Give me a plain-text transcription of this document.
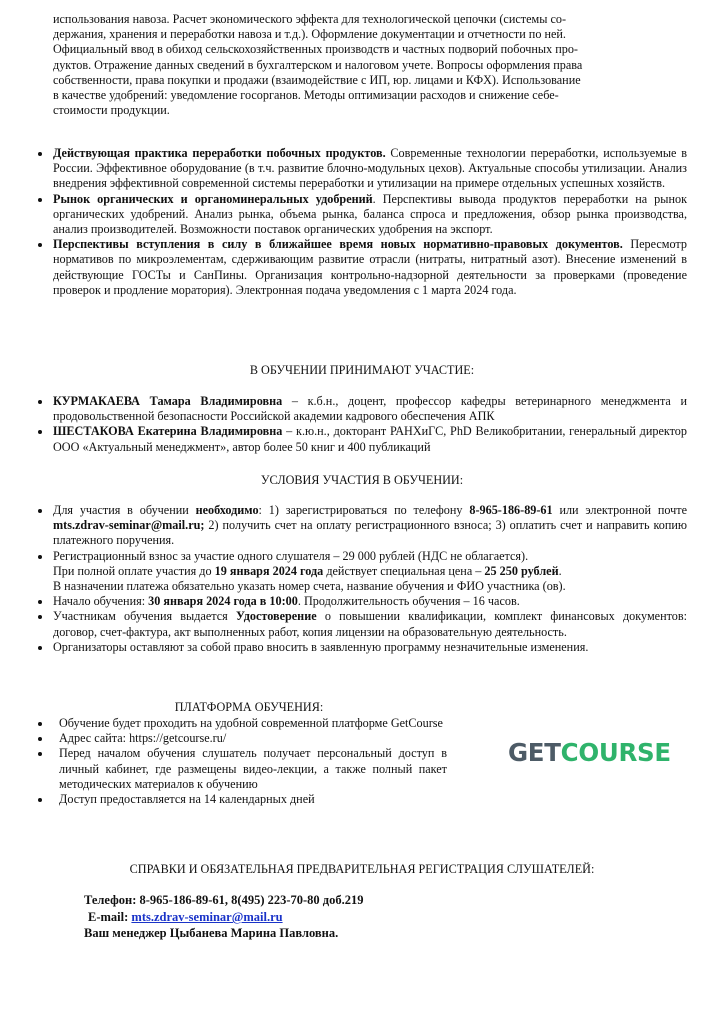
использования навоза. Расчет экономического эффекта для технологической цепочки (системы со-

держания, хранения и переработки навоза и т.д.). Оформление документации и отчетности по ней.

Официальный ввод в обиход сельскохозяйственных производств и частных подворий побочных про-

дуктов. Отражение данных сведений в бухгалтерском и налоговом учете. Вопросы оформления права

собственности, права покупки и продажи (взаимодействие с ИП, юр. лицами и КФХ). Использование

в качестве удобрений: уведомление госорганов. Методы оптимизации расходов и снижение себе-

стоимости продукции.

Действующая практика переработки побочных продуктов. Современные технологии переработки, используемые в России. Эффективное оборудование (в т.ч. развитие блочно-модульных цехов). Актуальные способы утилизации. Анализ внедрения эффективной современной системы переработки и утилизации на примере отдельных успешных хозяйств.
Рынок органических и органоминеральных удобрений. Перспективы вывода продуктов переработки на рынок органических удобрений. Анализ рынка, объема рынка, баланса спроса и предложения, обзор рынка производства, анализ производителей. Возможности поставок органических удобрения на экспорт.
Перспективы вступления в силу в ближайшее время новых нормативно-правовых документов. Пересмотр нормативов по микроэлементам, сдерживающим развитие отрасли (нитраты, нитратный азот). Внесение изменений в действующие ГОСТы и СанПины. Организация контрольно-надзорной деятельности за проверками (проведение проверок и продление моратория). Электронная подача уведомления с 1 марта 2024 года.
В ОБУЧЕНИИ ПРИНИМАЮТ УЧАСТИЕ:
КУРМАКАЕВА Тамара Владимировна – к.б.н., доцент, профессор кафедры ветеринарного менеджмента и продовольственной безопасности Российской академии кадрового обеспечения АПК
ШЕСТАКОВА Екатерина Владимировна – к.ю.н., докторант РАНХиГС, PhD Великобритании, генеральный директор ООО «Актуальный менеджмент», автор более 50 книг и 400 публикаций
УСЛОВИЯ УЧАСТИЯ В ОБУЧЕНИИ:
Для участия в обучении необходимо: 1) зарегистрироваться по телефону 8-965-186-89-61 или электронной почте mts.zdrav-seminar@mail.ru; 2) получить счет на оплату регистрационного взноса; 3) оплатить счет и направить копию платежного поручения.

Регистрационный взнос за участие одного слушателя – 29 000 рублей (НДС не облагается).

При полной оплате участия до 19 января 2024 года действует специальная цена – 25 250 рублей.

В назначении платежа обязательно указать номер счета, название обучения и ФИО участника (ов).

Начало обучения: 30 января 2024 года в 10:00. Продолжительность обучения – 16 часов.
Участникам обучения выдается Удостоверение о повышении квалификации, комплект финансовых документов: договор, счет-фактура, акт выполненных работ, копия лицензии на образовательную деятельность.
Организаторы оставляют за собой право вносить в заявленную программу незначительные изменения.
ПЛАТФОРМА ОБУЧЕНИЯ:
Обучение будет проходить на удобной современной платформе GetCourse
Адрес сайта: https://getcourse.ru/
Перед началом обучения слушатель получает персональный доступ в личный кабинет, где размещены видео-лекции, а также полный пакет методических материалов к обучению
Доступ предоставляется на 14 календарных дней
GETCOURSE
СПРАВКИ И ОБЯЗАТЕЛЬНАЯ ПРЕДВАРИТЕЛЬНАЯ РЕГИСТРАЦИЯ СЛУШАТЕЛЕЙ:
Телефон: 8-965-186-89-61, 8(495) 223-70-80 доб.219
E-mail: mts.zdrav-seminar@mail.ru
Ваш менеджер Цыбанева Марина Павловна.
